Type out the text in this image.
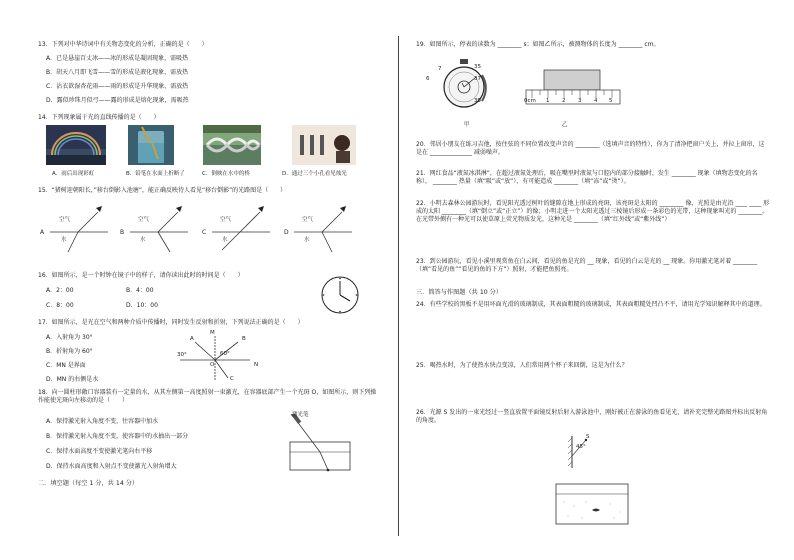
13．下列对中华诗词中有关物态变化的分析，正确的是（　　）
A．已是悬崖百丈冰——冰的形成是凝固现象，需吸热
B．胡天八月即飞雪——雪的形成是液化现象，需放热
C．沾衣欲湿杏花雨——雨的形成是升华现象，需放热
D．露似珍珠月似弓——露的形成是熔化现象，需吸热
14．下列现象属于光的直线传播的是（　　）
A．雨后出现彩虹	B．铅笔在水面上折断了	C．倒映在水中的桥	D．通过三个小孔看见烛光
15．“猪树迎朝阳长，”移台倒影入池塘”，能正确反映待人看见“移台倒影”的光路图是（　　）
A
空气
水
B
空气
水
C
空气
水
D
空气
水
16．如图所示，是一个时钟在镜子中的样子，请你读出此时的时间是（　　）
A．2：00	B．4：00
C．8：00	D．10：00
17．如图所示，是光在空气和两种介质中传播时，同时发生反射和折射，下列说法正确的是（　　）
A．入射角为 30°
B．折射角为 60°
C．MN 是界面
D．MN 的右侧是水
30°	60°
M
N
O
A	B
C
18．向一圆柱形敞口容器装有一定量的水，从其左侧第一高度照射一束激光，在容器底部产生一个光斑 O，如图所示，则下列操作能使光斑向左移动的是（　　）
A．保持激光射入角度不变，往容器中加水
B．保持激光射入角度不变，使容器中的水抽出一部分
C．保持水面高度不变使激光笔向右平移
D．保持水面高度和入射点不变使激光入射角增大
激光笔
二．填空题（每空 1 分，共 14 分）
19．如图所示，停表的读数为 ________ s；如图乙所示，被测物体的长度为 ________ cm。
35
37
6
39
7
甲
0cm 1 2 3 4 5
乙
20．邻居小朋友在练习吉他，按住弦的不同位置改变声音的 ________（选填声音的特性），你为了清净把窗户关上，并拉上窗帘，这是在 ______________ 减弱噪声。
21．网红食品“液氮冰淇淋”，在超过液氮处理后，吸在嘴里时液氮与口腔内的部分接触时，发生 ________ 现象（填物态变化的名称）， ________ 热量（填“吸”或“放”），有可能造成 ________（填“冻”或“烫”）。
22．小明去森林公园游玩时，看见阳光透过树叶的缝隙在地上形成的亮斑，该亮斑是太阳的 ________ 像，光照是由光沿 ____ ____ 形成的太阳 ________（填“倒立”或“正立”）的像；小明走进一个太阳光透过三棱镜后形成一条彩色的光带，这种现象叫光的 ________。在光带外侧有一种光可以使草原上荧光物质发光，这种光是 ________（填“红外线”或“紫外线”）
23．到公园游玩，看见小溪里观赏鱼在白云间，看见的鱼是光的 __ 现象，看见的白云是光的 __ 现象。你用激光笔对着 ________（填“看见的鱼”“看见的鱼的下方”）照射，才能把鱼照亮。
三．简答与作图题（共 10 分）
24．有些学校的黑板不是用坏面光滑的玻璃制成，其表面粗糙的玻璃制成，其表面粗糙处凹凸不平，请用光学知识解释其中的道理。
25．喝热水时，为了使热水快点变凉，人们常用两个杯子来回倒，这是为什么？
26．光源 S 发出的一束光经过一竖直放置平面镜反射后射入游泳池中，刚好被正在游泳的鱼看见光，请补充完整光路图并标出反射角的角度。
S
45°
